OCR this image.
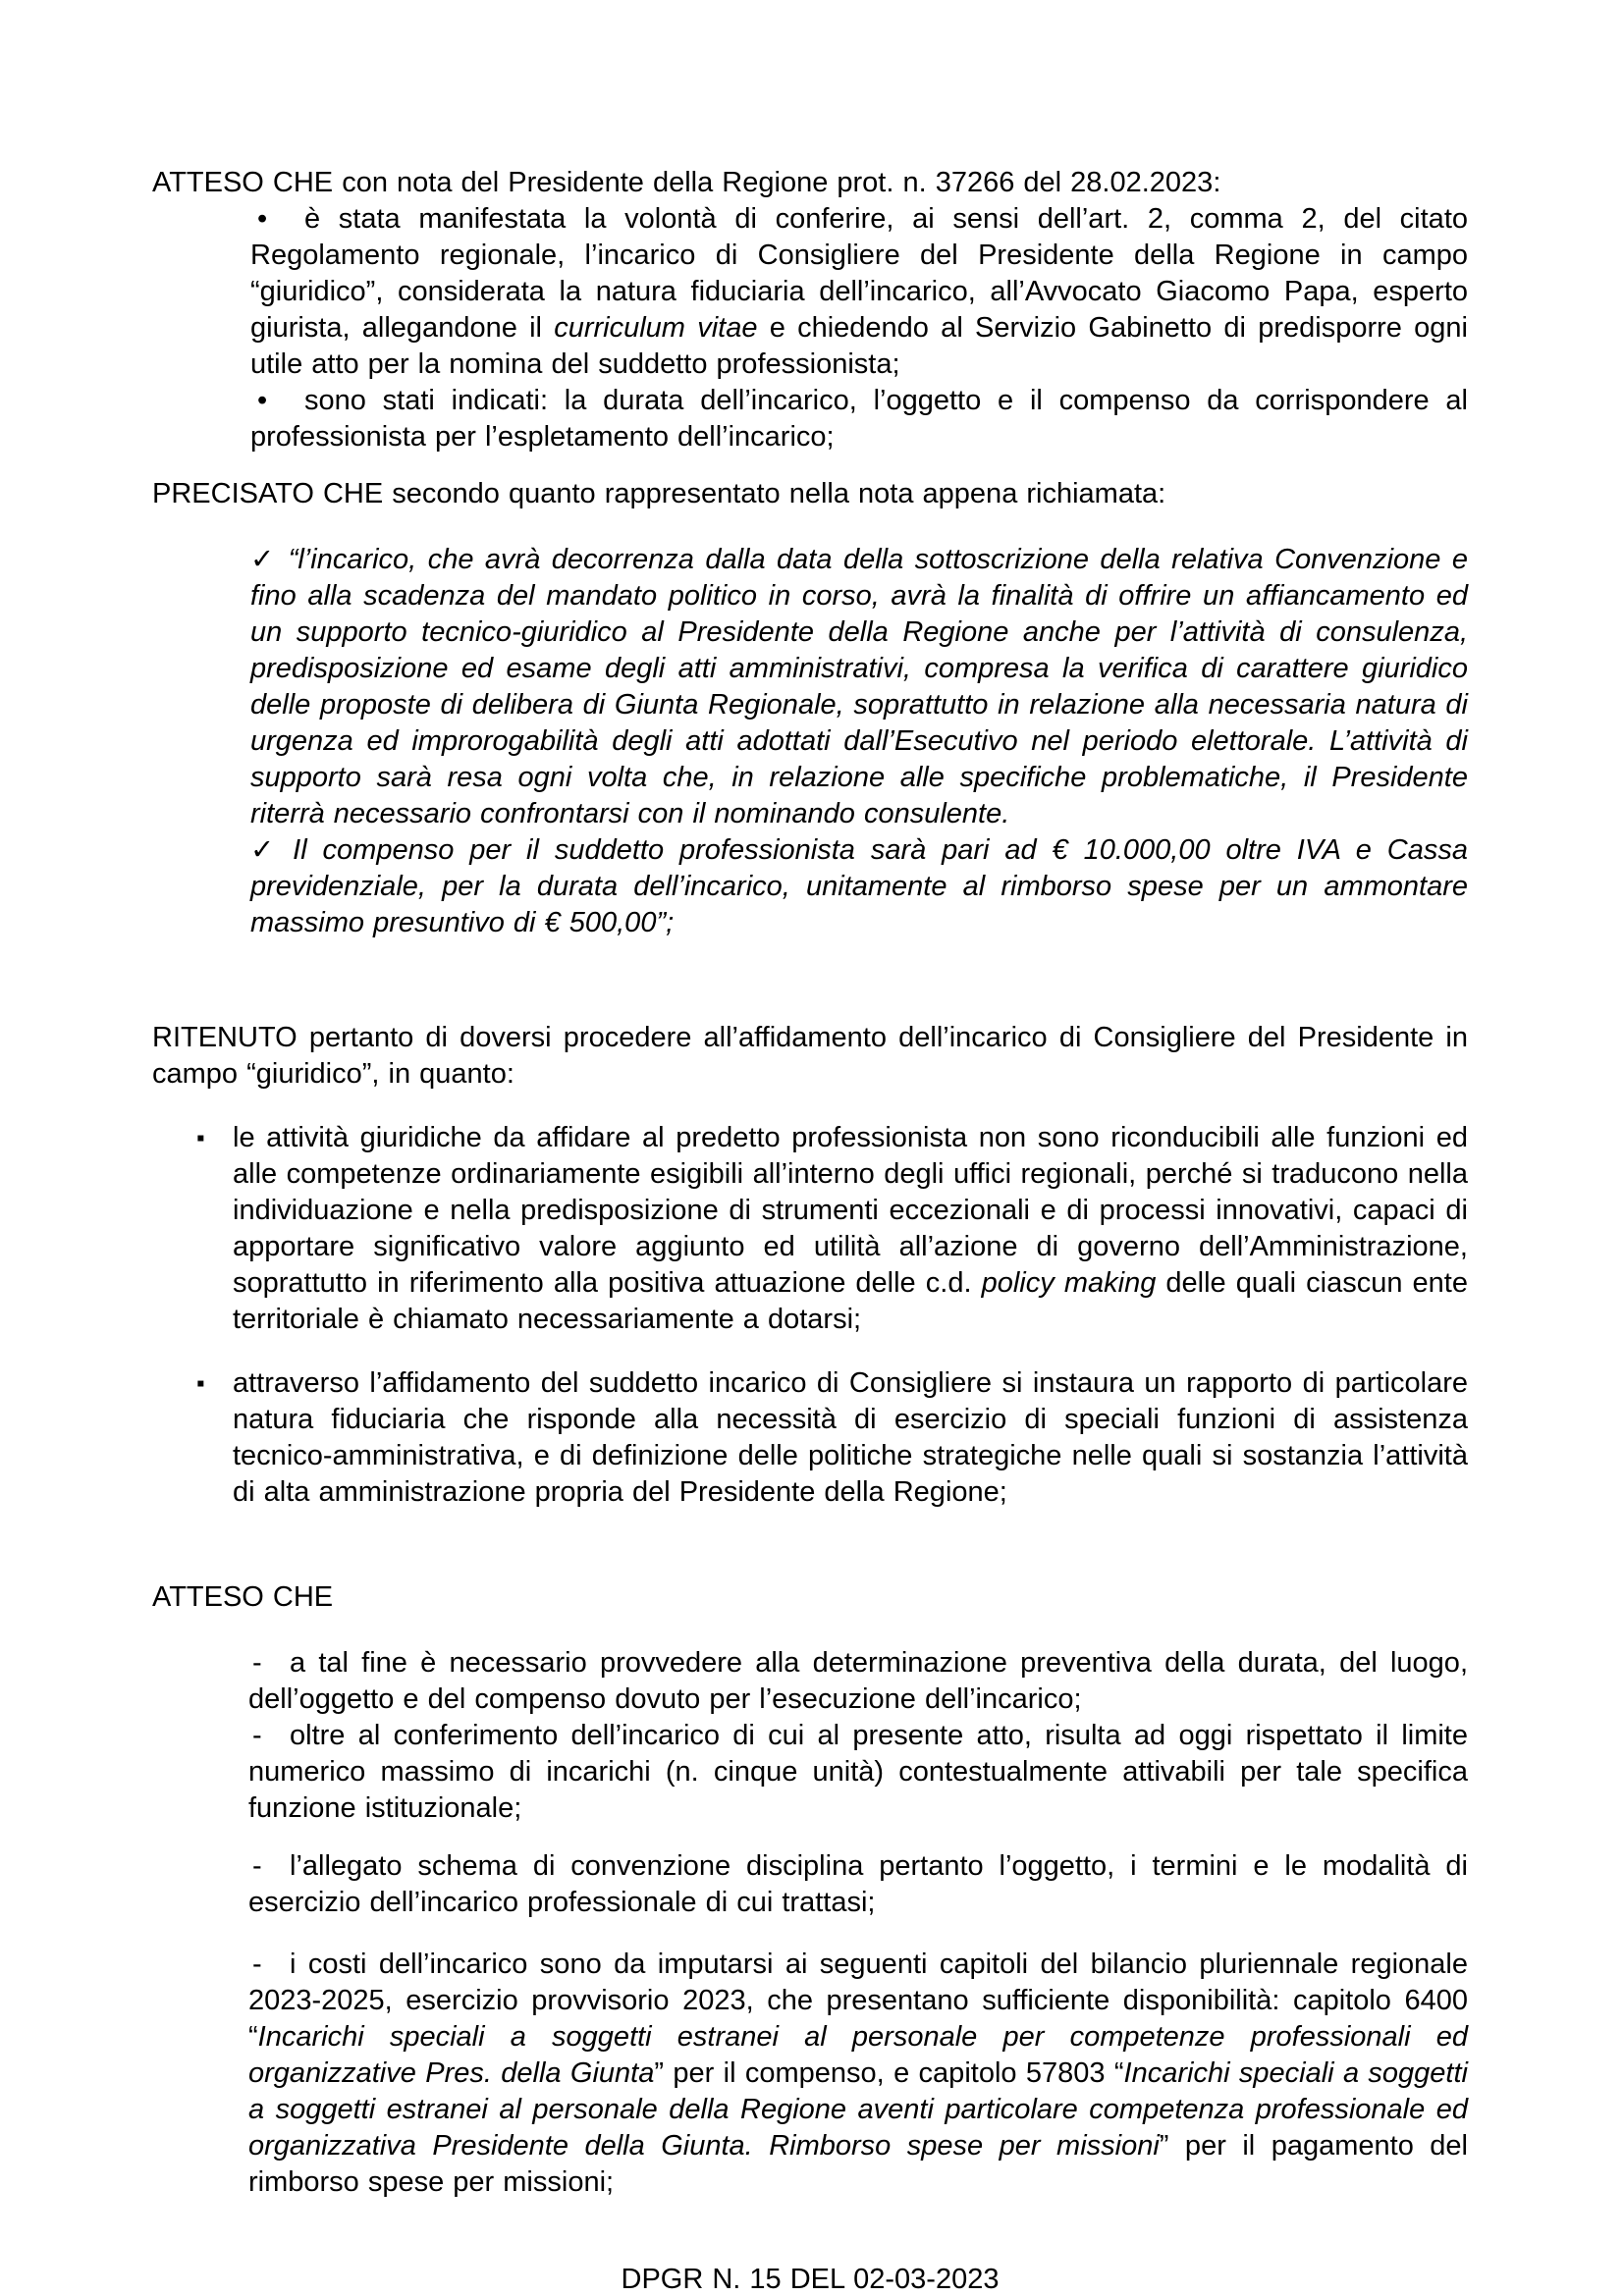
ATTESO CHE con nota del Presidente della Regione prot. n. 37266 del 28.02.2023:

• è stata manifestata la volontà di conferire, ai sensi dell’art. 2, comma 2, del citato Regolamento regionale, l’incarico di Consigliere del Presidente della Regione in campo “giuridico”, considerata la natura fiduciaria dell’incarico, all’Avvocato Giacomo Papa, esperto giurista, allegandone il curriculum vitae e chiedendo al Servizio Gabinetto di predisporre ogni utile atto per la nomina del suddetto professionista;

• sono stati indicati: la durata dell’incarico, l’oggetto e il compenso da corrispondere al professionista per l’espletamento dell’incarico;

PRECISATO CHE secondo quanto rappresentato nella nota appena richiamata:

✓ “l’incarico, che avrà decorrenza dalla data della sottoscrizione della relativa Convenzione e fino alla scadenza del mandato politico in corso, avrà la finalità di offrire un affiancamento ed un supporto tecnico-giuridico al Presidente della Regione anche per l’attività di consulenza, predisposizione ed esame degli atti amministrativi, compresa la verifica di carattere giuridico delle proposte di delibera di Giunta Regionale, soprattutto in relazione alla necessaria natura di urgenza ed improrogabilità degli atti adottati dall’Esecutivo nel periodo elettorale. L’attività di supporto sarà resa ogni volta che, in relazione alle specifiche problematiche, il Presidente riterrà necessario confrontarsi con il nominando consulente.

✓ Il compenso per il suddetto professionista sarà pari ad € 10.000,00 oltre IVA e Cassa previdenziale, per la durata dell’incarico, unitamente al rimborso spese per un ammontare massimo presuntivo di € 500,00”;

RITENUTO pertanto di doversi procedere all’affidamento dell’incarico di Consigliere del Presidente in campo “giuridico”, in quanto:

▪ le attività giuridiche da affidare al predetto professionista non sono riconducibili alle funzioni ed alle competenze ordinariamente esigibili all’interno degli uffici regionali, perché si traducono nella individuazione e nella predisposizione di strumenti eccezionali e di processi innovativi, capaci di apportare significativo valore aggiunto ed utilità all’azione di governo dell’Amministrazione, soprattutto in riferimento alla positiva attuazione delle c.d. policy making delle quali ciascun ente territoriale è chiamato necessariamente a dotarsi;

▪ attraverso l’affidamento del suddetto incarico di Consigliere si instaura un rapporto di particolare natura fiduciaria che risponde alla necessità di esercizio di speciali funzioni di assistenza tecnico-amministrativa, e di definizione delle politiche strategiche nelle quali si sostanzia l’attività di alta amministrazione propria del Presidente della Regione;

ATTESO CHE

- a tal fine è necessario provvedere alla determinazione preventiva della durata, del luogo, dell’oggetto e del compenso dovuto per l’esecuzione dell’incarico;

- oltre al conferimento dell’incarico di cui al presente atto, risulta ad oggi rispettato il limite numerico massimo di incarichi (n. cinque unità) contestualmente attivabili per tale specifica funzione istituzionale;

- l’allegato schema di convenzione disciplina pertanto l’oggetto, i termini e le modalità di esercizio dell’incarico professionale di cui trattasi;

- i costi dell’incarico sono da imputarsi ai seguenti capitoli del bilancio pluriennale regionale 2023-2025, esercizio provvisorio 2023, che presentano sufficiente disponibilità: capitolo 6400 “Incarichi speciali a soggetti estranei al personale per competenze professionali ed organizzative Pres. della Giunta” per il compenso, e capitolo 57803 “Incarichi speciali a soggetti a soggetti estranei al personale della Regione aventi particolare competenza professionale ed organizzativa Presidente della Giunta. Rimborso spese per missioni” per il pagamento del rimborso spese per missioni;

DPGR N. 15 DEL 02-03-2023
